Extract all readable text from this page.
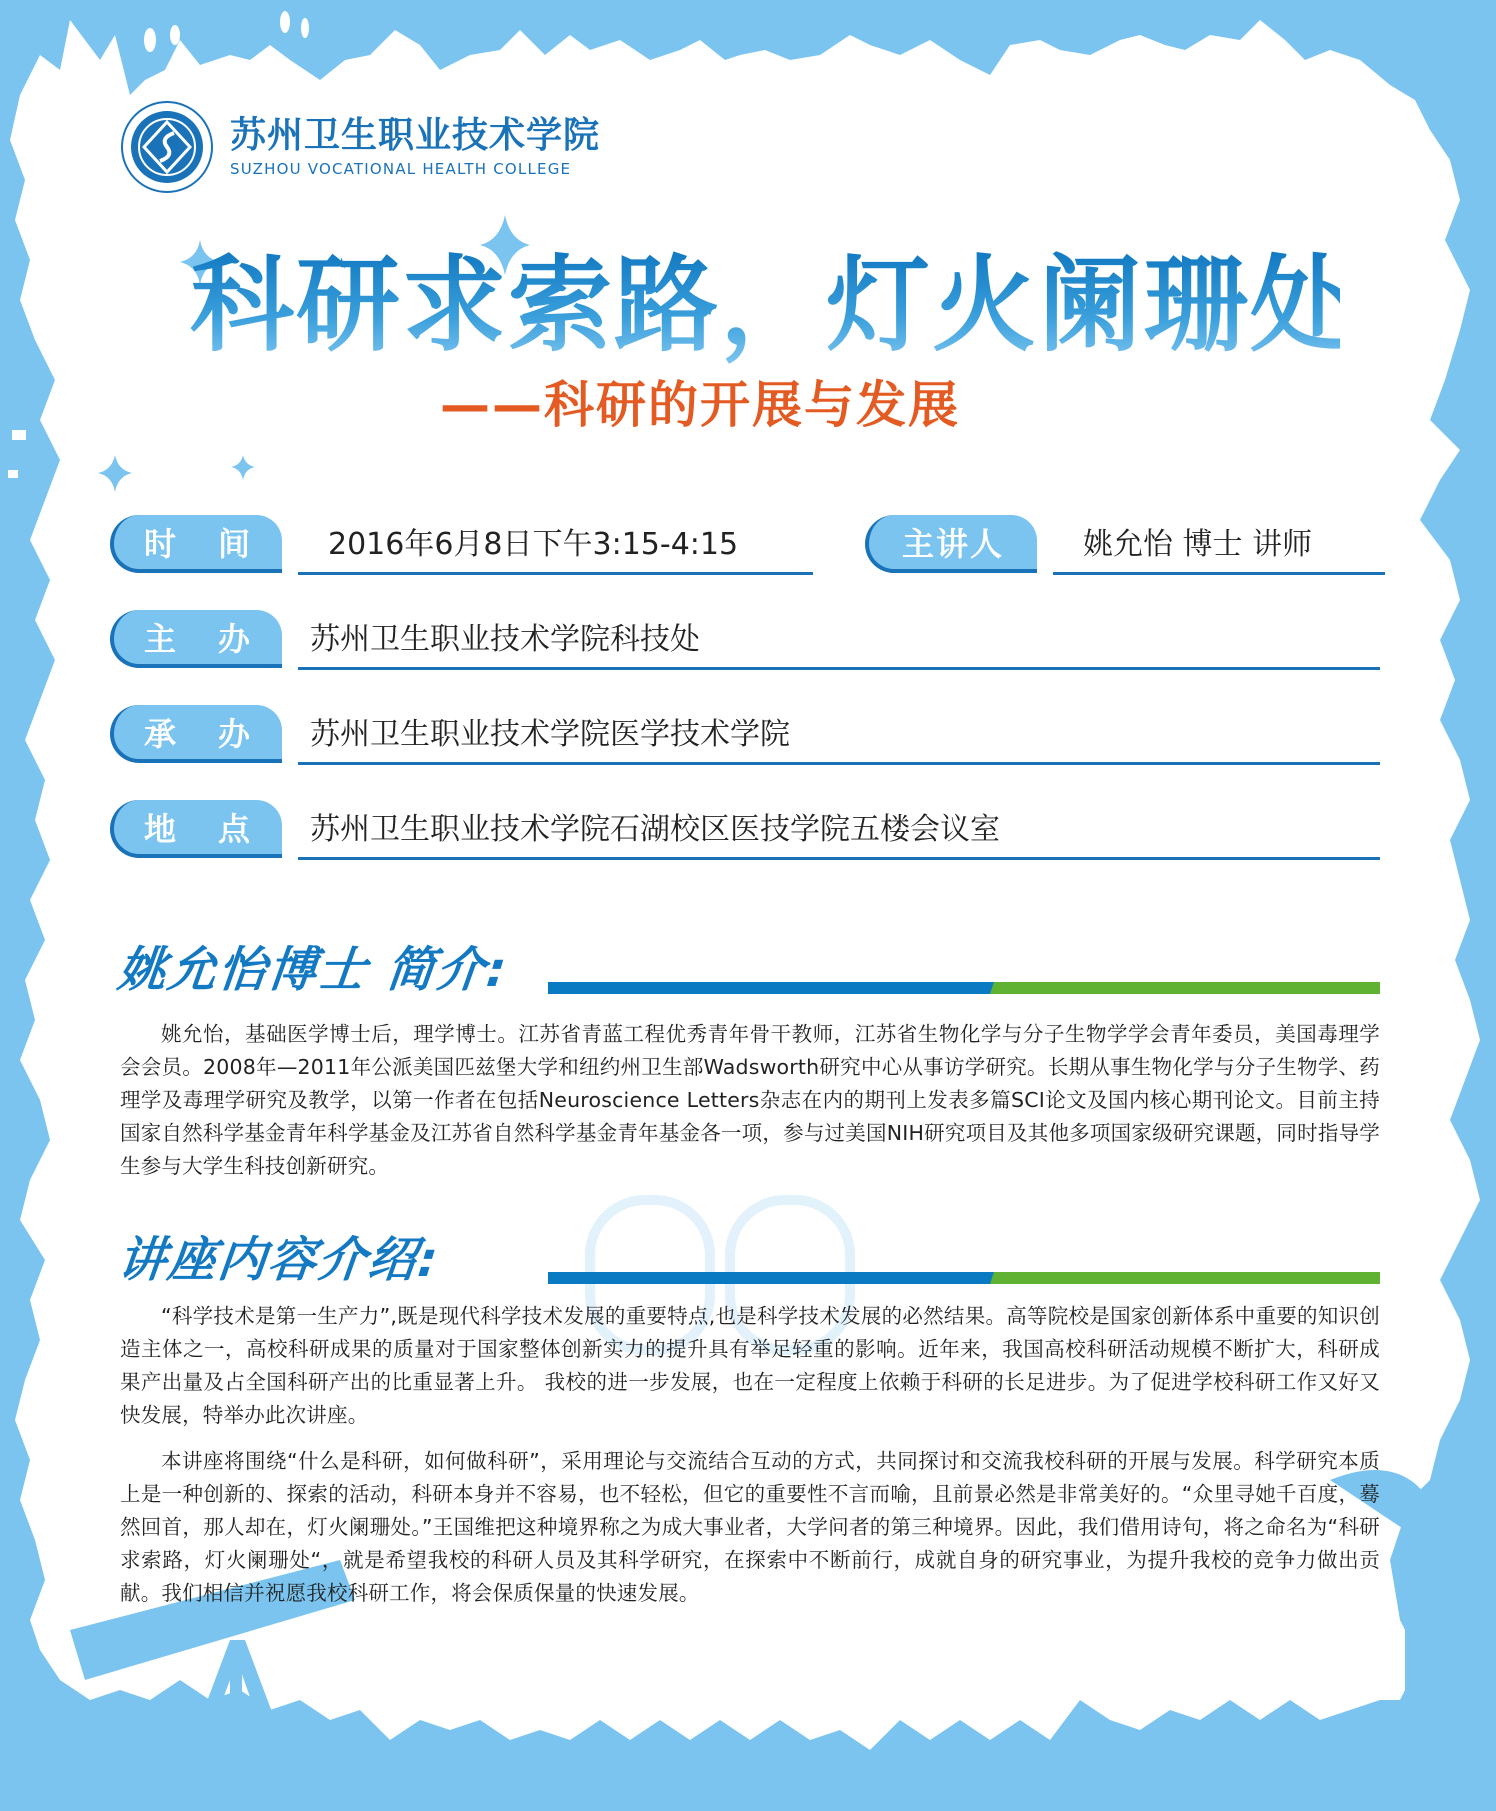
苏州卫生职业技术学院
SUZHOU VOCATIONAL HEALTH COLLEGE
科研求索路，灯火阑珊处
——科研的开展与发展
时 间	2016年6月8日下午3:15-4:15	主讲人	姚允怡 博士 讲师
主 办	苏州卫生职业技术学院科技处
承 办	苏州卫生职业技术学院医学技术学院
地 点	苏州卫生职业技术学院石湖校区医技学院五楼会议室
姚允怡博士 简介:
姚允怡，基础医学博士后，理学博士。江苏省青蓝工程优秀青年骨干教师，江苏省生物化学与分子生物学学会青年委员，美国毒理学会会员。2008年—2011年公派美国匹兹堡大学和纽约州卫生部Wadsworth研究中心从事访学研究。长期从事生物化学与分子生物学、药理学及毒理学研究及教学，以第一作者在包括Neuroscience Letters杂志在内的期刊上发表多篇SCI论文及国内核心期刊论文。目前主持国家自然科学基金青年科学基金及江苏省自然科学基金青年基金各一项，参与过美国NIH研究项目及其他多项国家级研究课题，同时指导学生参与大学生科技创新研究。
讲座内容介绍:
“科学技术是第一生产力”,既是现代科学技术发展的重要特点,也是科学技术发展的必然结果。高等院校是国家创新体系中重要的知识创造主体之一，高校科研成果的质量对于国家整体创新实力的提升具有举足轻重的影响。近年来，我国高校科研活动规模不断扩大，科研成果产出量及占全国科研产出的比重显著上升。 我校的进一步发展，也在一定程度上依赖于科研的长足进步。为了促进学校科研工作又好又快发展，特举办此次讲座。
本讲座将围绕“什么是科研，如何做科研”，采用理论与交流结合互动的方式，共同探讨和交流我校科研的开展与发展。科学研究本质上是一种创新的、探索的活动，科研本身并不容易，也不轻松，但它的重要性不言而喻，且前景必然是非常美好的。“众里寻她千百度，蓦然回首，那人却在，灯火阑珊处。”王国维把这种境界称之为成大事业者，大学问者的第三种境界。因此，我们借用诗句，将之命名为“科研求索路，灯火阑珊处“，就是希望我校的科研人员及其科学研究，在探索中不断前行，成就自身的研究事业，为提升我校的竞争力做出贡献。我们相信并祝愿我校科研工作，将会保质保量的快速发展。
